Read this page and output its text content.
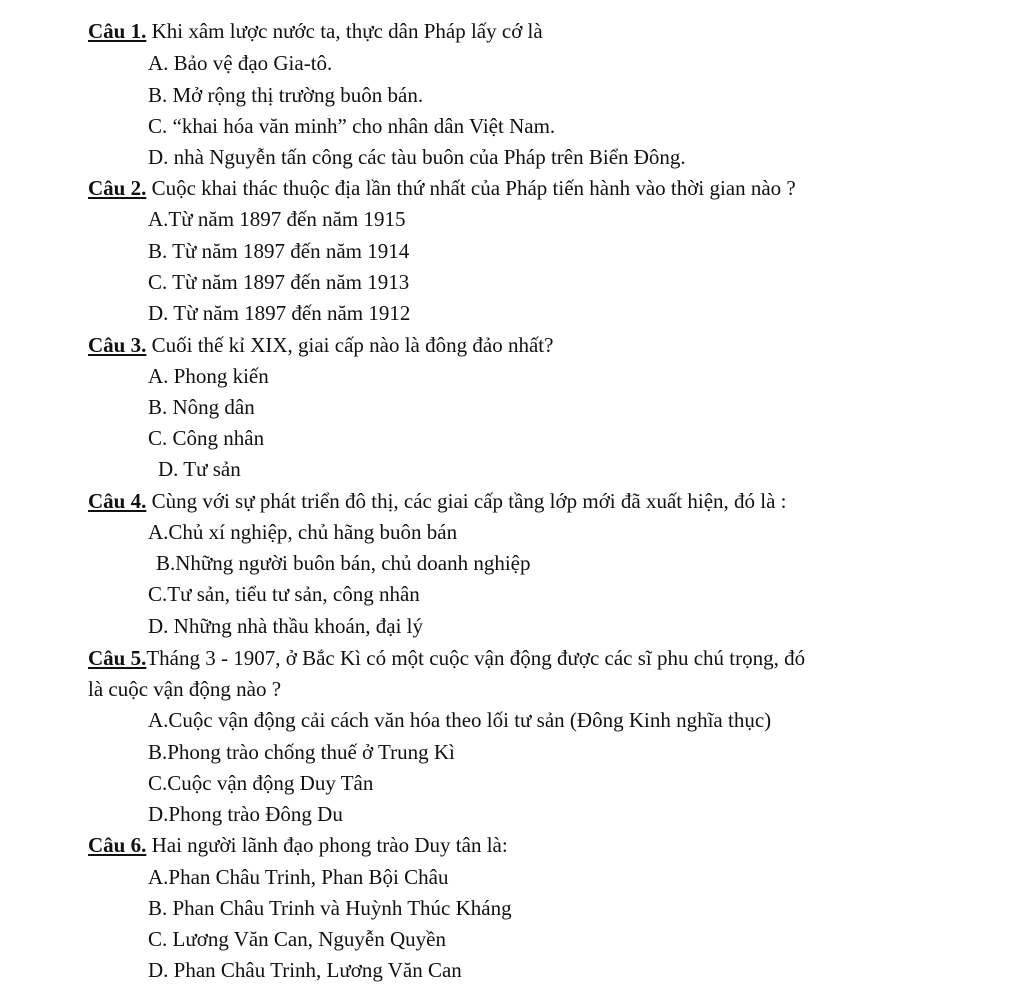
Câu 1. Khi xâm lược nước ta, thực dân Pháp lấy cớ là
A. Bảo vệ đạo Gia-tô.
B. Mở rộng thị trường buôn bán.
C. “khai hóa văn minh” cho nhân dân Việt Nam.
D. nhà Nguyễn tấn công các tàu buôn của Pháp trên Biển Đông.
Câu 2. Cuộc khai thác thuộc địa lần thứ nhất của Pháp tiến hành vào thời gian nào ?
A.Từ năm 1897 đến năm 1915
B. Từ năm 1897 đến năm 1914
C. Từ năm 1897 đến năm 1913
D. Từ năm 1897 đến năm 1912
Câu 3. Cuối thế kỉ XIX, giai cấp nào là đông đảo nhất?
A. Phong kiến
B. Nông dân
C. Công nhân
D. Tư sản
Câu 4. Cùng với sự phát triển đô thị, các giai cấp tầng lớp mới đã xuất hiện, đó là :
A.Chủ xí nghiệp, chủ hãng buôn bán
B.Những người buôn bán, chủ doanh nghiệp
C.Tư sản, tiểu tư sản, công nhân
D. Những nhà thầu khoán, đại lý
Câu 5.Tháng 3 - 1907, ở Bắc Kì có một cuộc vận động được các sĩ phu chú trọng, đó
là cuộc vận động nào ?
A.Cuộc vận động cải cách văn hóa theo lối tư sản (Đông Kinh nghĩa thục)
B.Phong trào chống thuế ở Trung Kì
C.Cuộc vận động Duy Tân
D.Phong trào Đông Du
Câu 6. Hai người lãnh đạo phong trào Duy tân là:
A.Phan Châu Trinh, Phan Bội Châu
B. Phan Châu Trinh và Huỳnh Thúc Kháng
C. Lương Văn Can, Nguyễn Quyền
D. Phan Châu Trinh, Lương Văn Can
